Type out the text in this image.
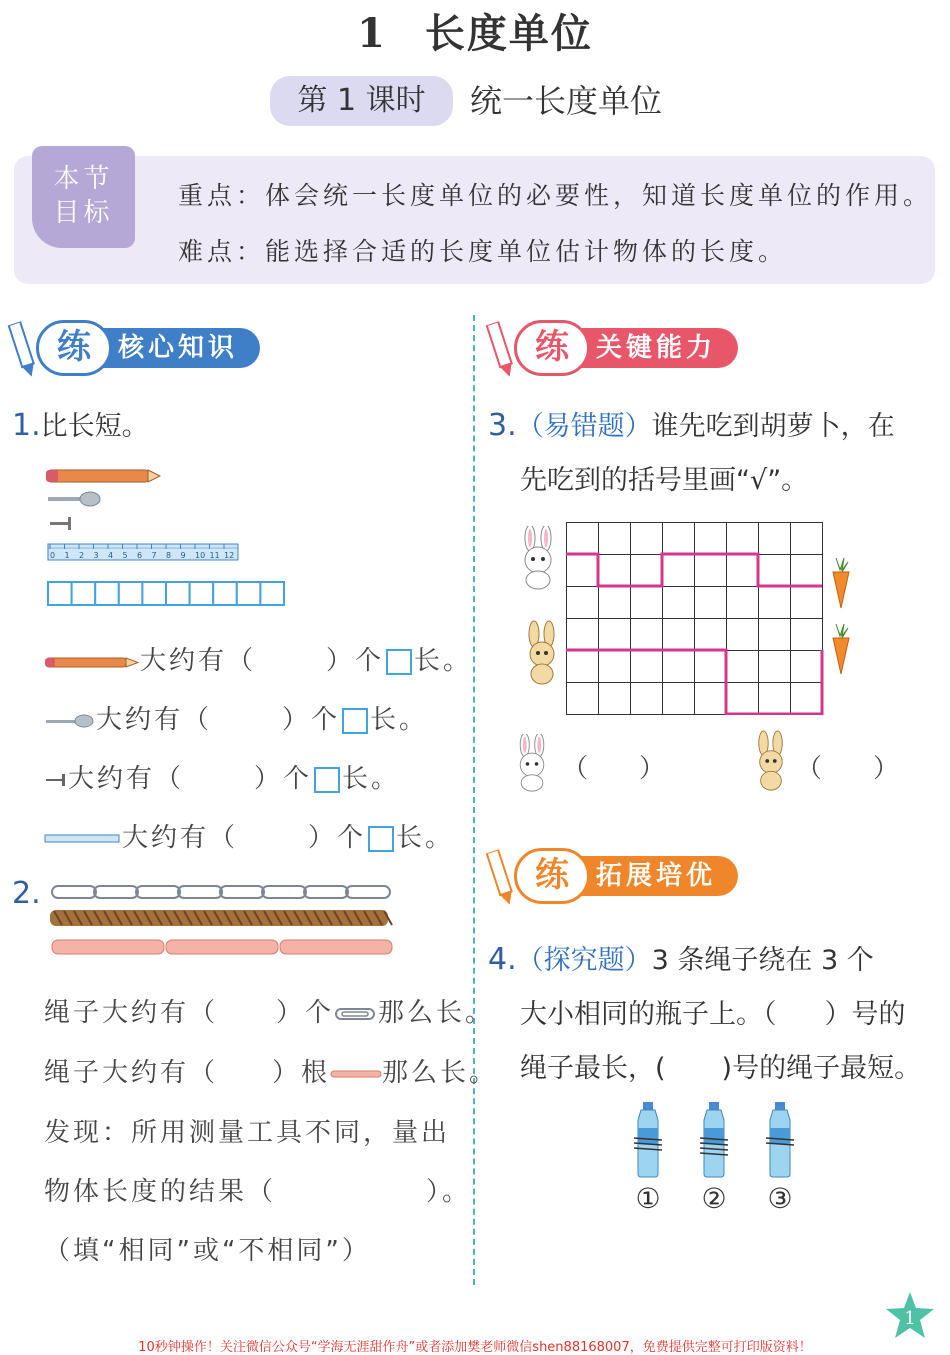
1 长度单位
第 1 课时	统一长度单位
本节
目标
重点：体会统一长度单位的必要性，知道长度单位的作用。
难点：能选择合适的长度单位估计物体的长度。
核心知识
练
1.比长短。
0 1 2 3 4 5 6 7 8 9 10 11 12
大约有（	）个 长。
大约有（	）个 长。
大约有（	）个 长。
大约有（	）个 长。
2.
绳子大约有（ ）个 那么长。
绳子大约有（ ）根 那么长。
发现：所用测量工具不同，量出
物体长度的结果（	）。
（填“相同”或“不相同”）
关键能力
练
3.（易错题）谁先吃到胡萝卜，在
先吃到的括号里画“√”。
（ ）	（ ）
拓展培优
练
4.（探究题）3 条绳子绕在 3 个
大小相同的瓶子上。（ ）号的
绳子最长，( )号的绳子最短。
①	②	③
1
10秒钟操作！关注微信公众号“学海无涯甜作舟”或者添加樊老师微信shen88168007，免费提供完整可打印版资料！
